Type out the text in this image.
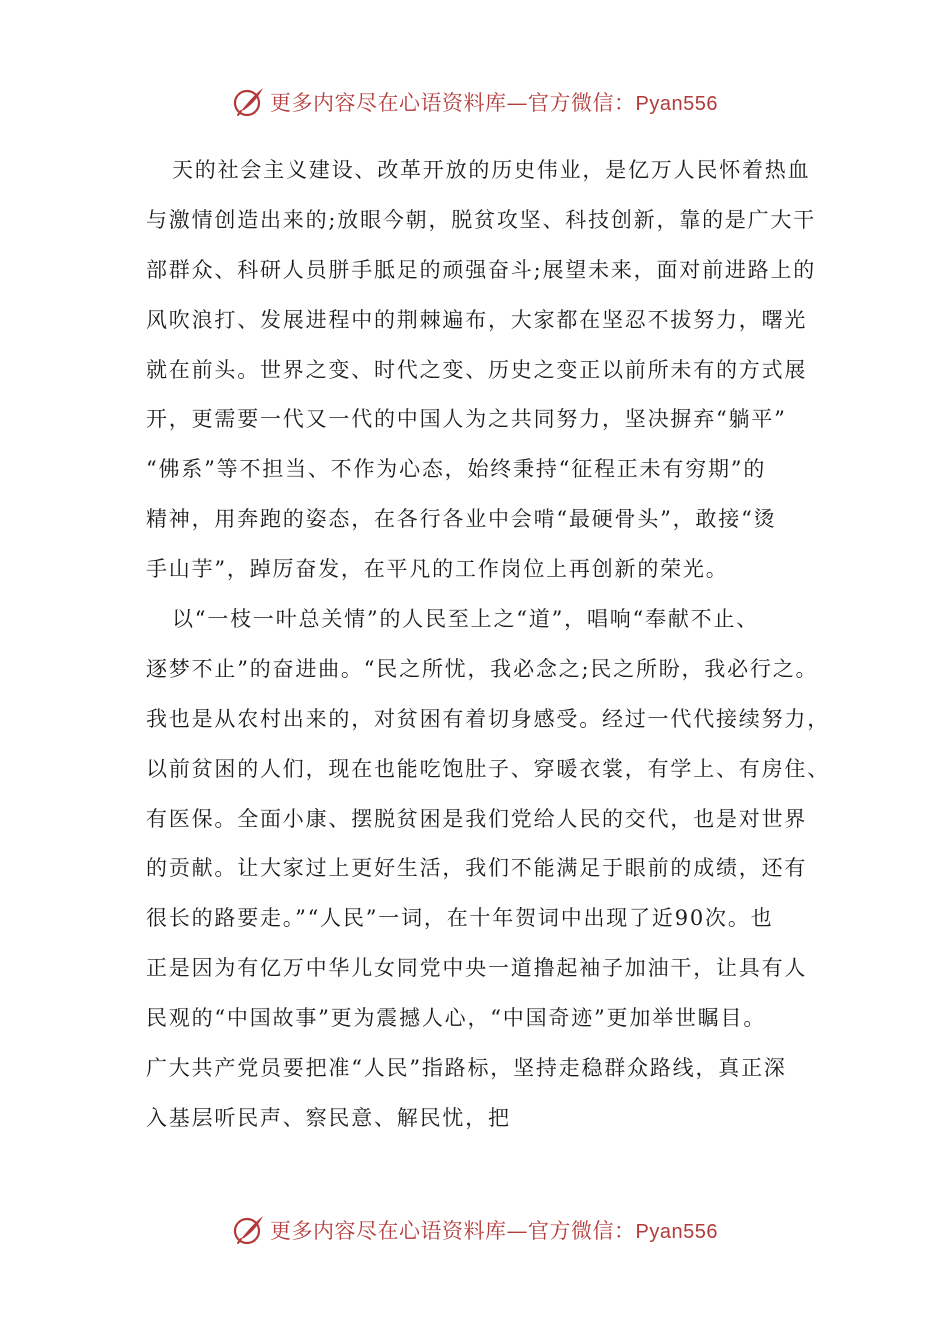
更多内容尽在心语资料库—官方微信：Pyan556
天的社会主义建设、改革开放的历史伟业，是亿万人民怀着热血
与激情创造出来的;放眼今朝，脱贫攻坚、科技创新，靠的是广大干
部群众、科研人员胼手胝足的顽强奋斗;展望未来，面对前进路上的
风吹浪打、发展进程中的荆棘遍布，大家都在坚忍不拔努力，曙光
就在前头。世界之变、时代之变、历史之变正以前所未有的方式展
开，更需要一代又一代的中国人为之共同努力，坚决摒弃“躺平”
“佛系”等不担当、不作为心态，始终秉持“征程正未有穷期”的
精神，用奔跑的姿态，在各行各业中会啃“最硬骨头”，敢接“烫
手山芋”，踔厉奋发，在平凡的工作岗位上再创新的荣光。
以“一枝一叶总关情”的人民至上之“道”，唱响“奉献不止、
逐梦不止”的奋进曲。“民之所忧，我必念之;民之所盼，我必行之。
我也是从农村出来的，对贫困有着切身感受。经过一代代接续努力，
以前贫困的人们，现在也能吃饱肚子、穿暖衣裳，有学上、有房住、
有医保。全面小康、摆脱贫困是我们党给人民的交代，也是对世界
的贡献。让大家过上更好生活，我们不能满足于眼前的成绩，还有
很长的路要走。”“人民”一词，在十年贺词中出现了近90次。也
正是因为有亿万中华儿女同党中央一道撸起袖子加油干，让具有人
民观的“中国故事”更为震撼人心，“中国奇迹”更加举世瞩目。
广大共产党员要把准“人民”指路标，坚持走稳群众路线，真正深
入基层听民声、察民意、解民忧，把
更多内容尽在心语资料库—官方微信：Pyan556
